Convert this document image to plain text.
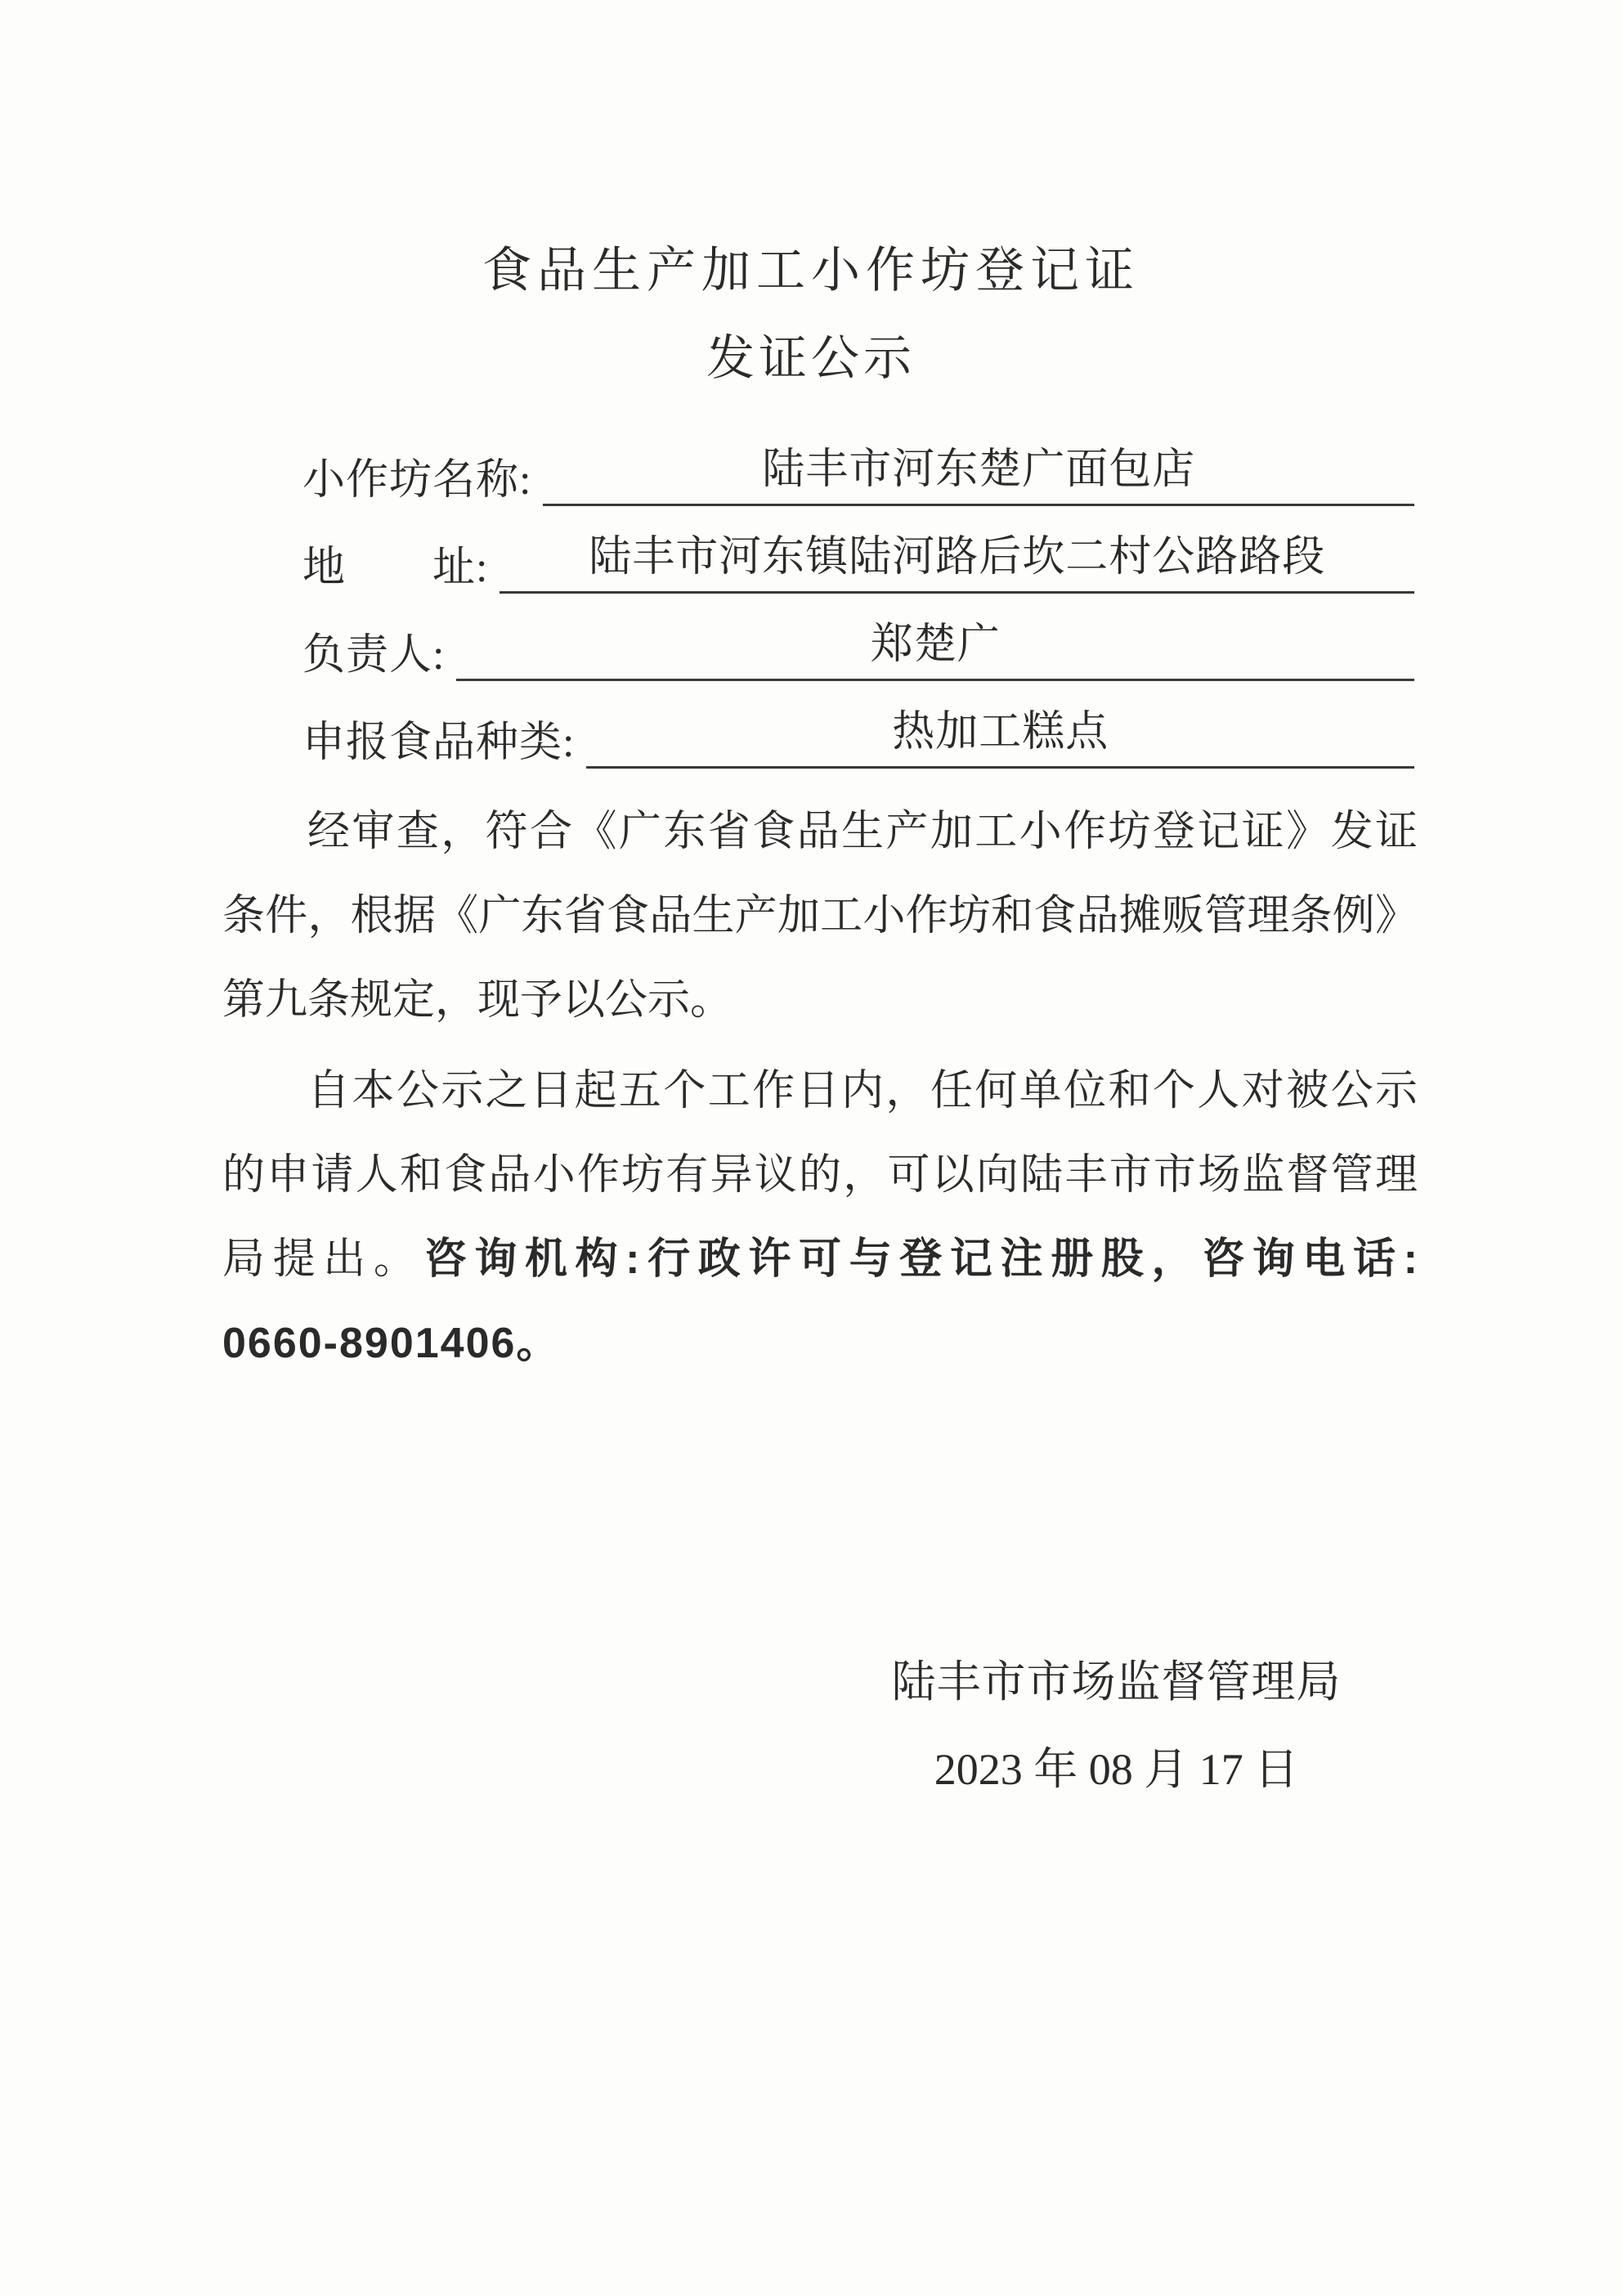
食品生产加工小作坊登记证
发证公示
小作坊名称:	陆丰市河东楚广面包店
地　　址:	陆丰市河东镇陆河路后坎二村公路路段
负责人:	郑楚广
申报食品种类:	热加工糕点
经审查，符合《广东省食品生产加工小作坊登记证》发证
条件，根据《广东省食品生产加工小作坊和食品摊贩管理条例》
第九条规定，现予以公示。
自本公示之日起五个工作日内，任何单位和个人对被公示
的申请人和食品小作坊有异议的，可以向陆丰市市场监督管理
局提出。咨询机构:行政许可与登记注册股，咨询电话:
0660-8901406。
陆丰市市场监督管理局
2023 年 08 月 17 日
